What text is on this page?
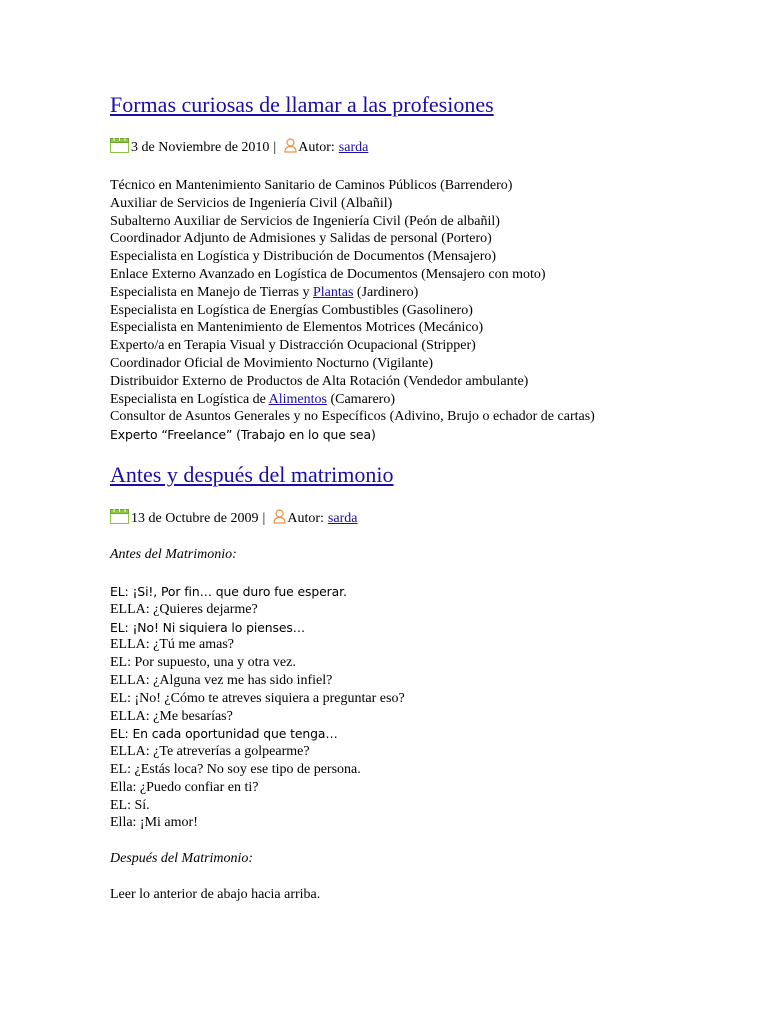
Formas curiosas de llamar a las profesiones
3 de Noviembre de 2010 | Autor: sarda
Técnico en Mantenimiento Sanitario de Caminos Públicos (Barrendero)
Auxiliar de Servicios de Ingeniería Civil (Albañil)
Subalterno Auxiliar de Servicios de Ingeniería Civil (Peón de albañil)
Coordinador Adjunto de Admisiones y Salidas de personal (Portero)
Especialista en Logística y Distribución de Documentos (Mensajero)
Enlace Externo Avanzado en Logística de Documentos (Mensajero con moto)
Especialista en Manejo de Tierras y Plantas (Jardinero)
Especialista en Logística de Energías Combustibles (Gasolinero)
Especialista en Mantenimiento de Elementos Motrices (Mecánico)
Experto/a en Terapia Visual y Distracción Ocupacional (Stripper)
Coordinador Oficial de Movimiento Nocturno (Vigilante)
Distribuidor Externo de Productos de Alta Rotación (Vendedor ambulante)
Especialista en Logística de Alimentos (Camarero)
Consultor de Asuntos Generales y no Específicos (Adivino, Brujo o echador de cartas)
Experto “Freelance” (Trabajo en lo que sea)
Antes y después del matrimonio
13 de Octubre de 2009 | Autor: sarda
Antes del Matrimonio:
EL: ¡Si!, Por fin… que duro fue esperar.
ELLA: ¿Quieres dejarme?
EL: ¡No! Ni siquiera lo pienses…
ELLA: ¿Tú me amas?
EL: Por supuesto, una y otra vez.
ELLA: ¿Alguna vez me has sido infiel?
EL: ¡No! ¿Cómo te atreves siquiera a preguntar eso?
ELLA: ¿Me besarías?
EL: En cada oportunidad que tenga…
ELLA: ¿Te atreverías a golpearme?
EL: ¿Estás loca? No soy ese tipo de persona.
Ella: ¿Puedo confiar en ti?
EL: Sí.
Ella: ¡Mi amor!
Después del Matrimonio:
Leer lo anterior de abajo hacia arriba.
